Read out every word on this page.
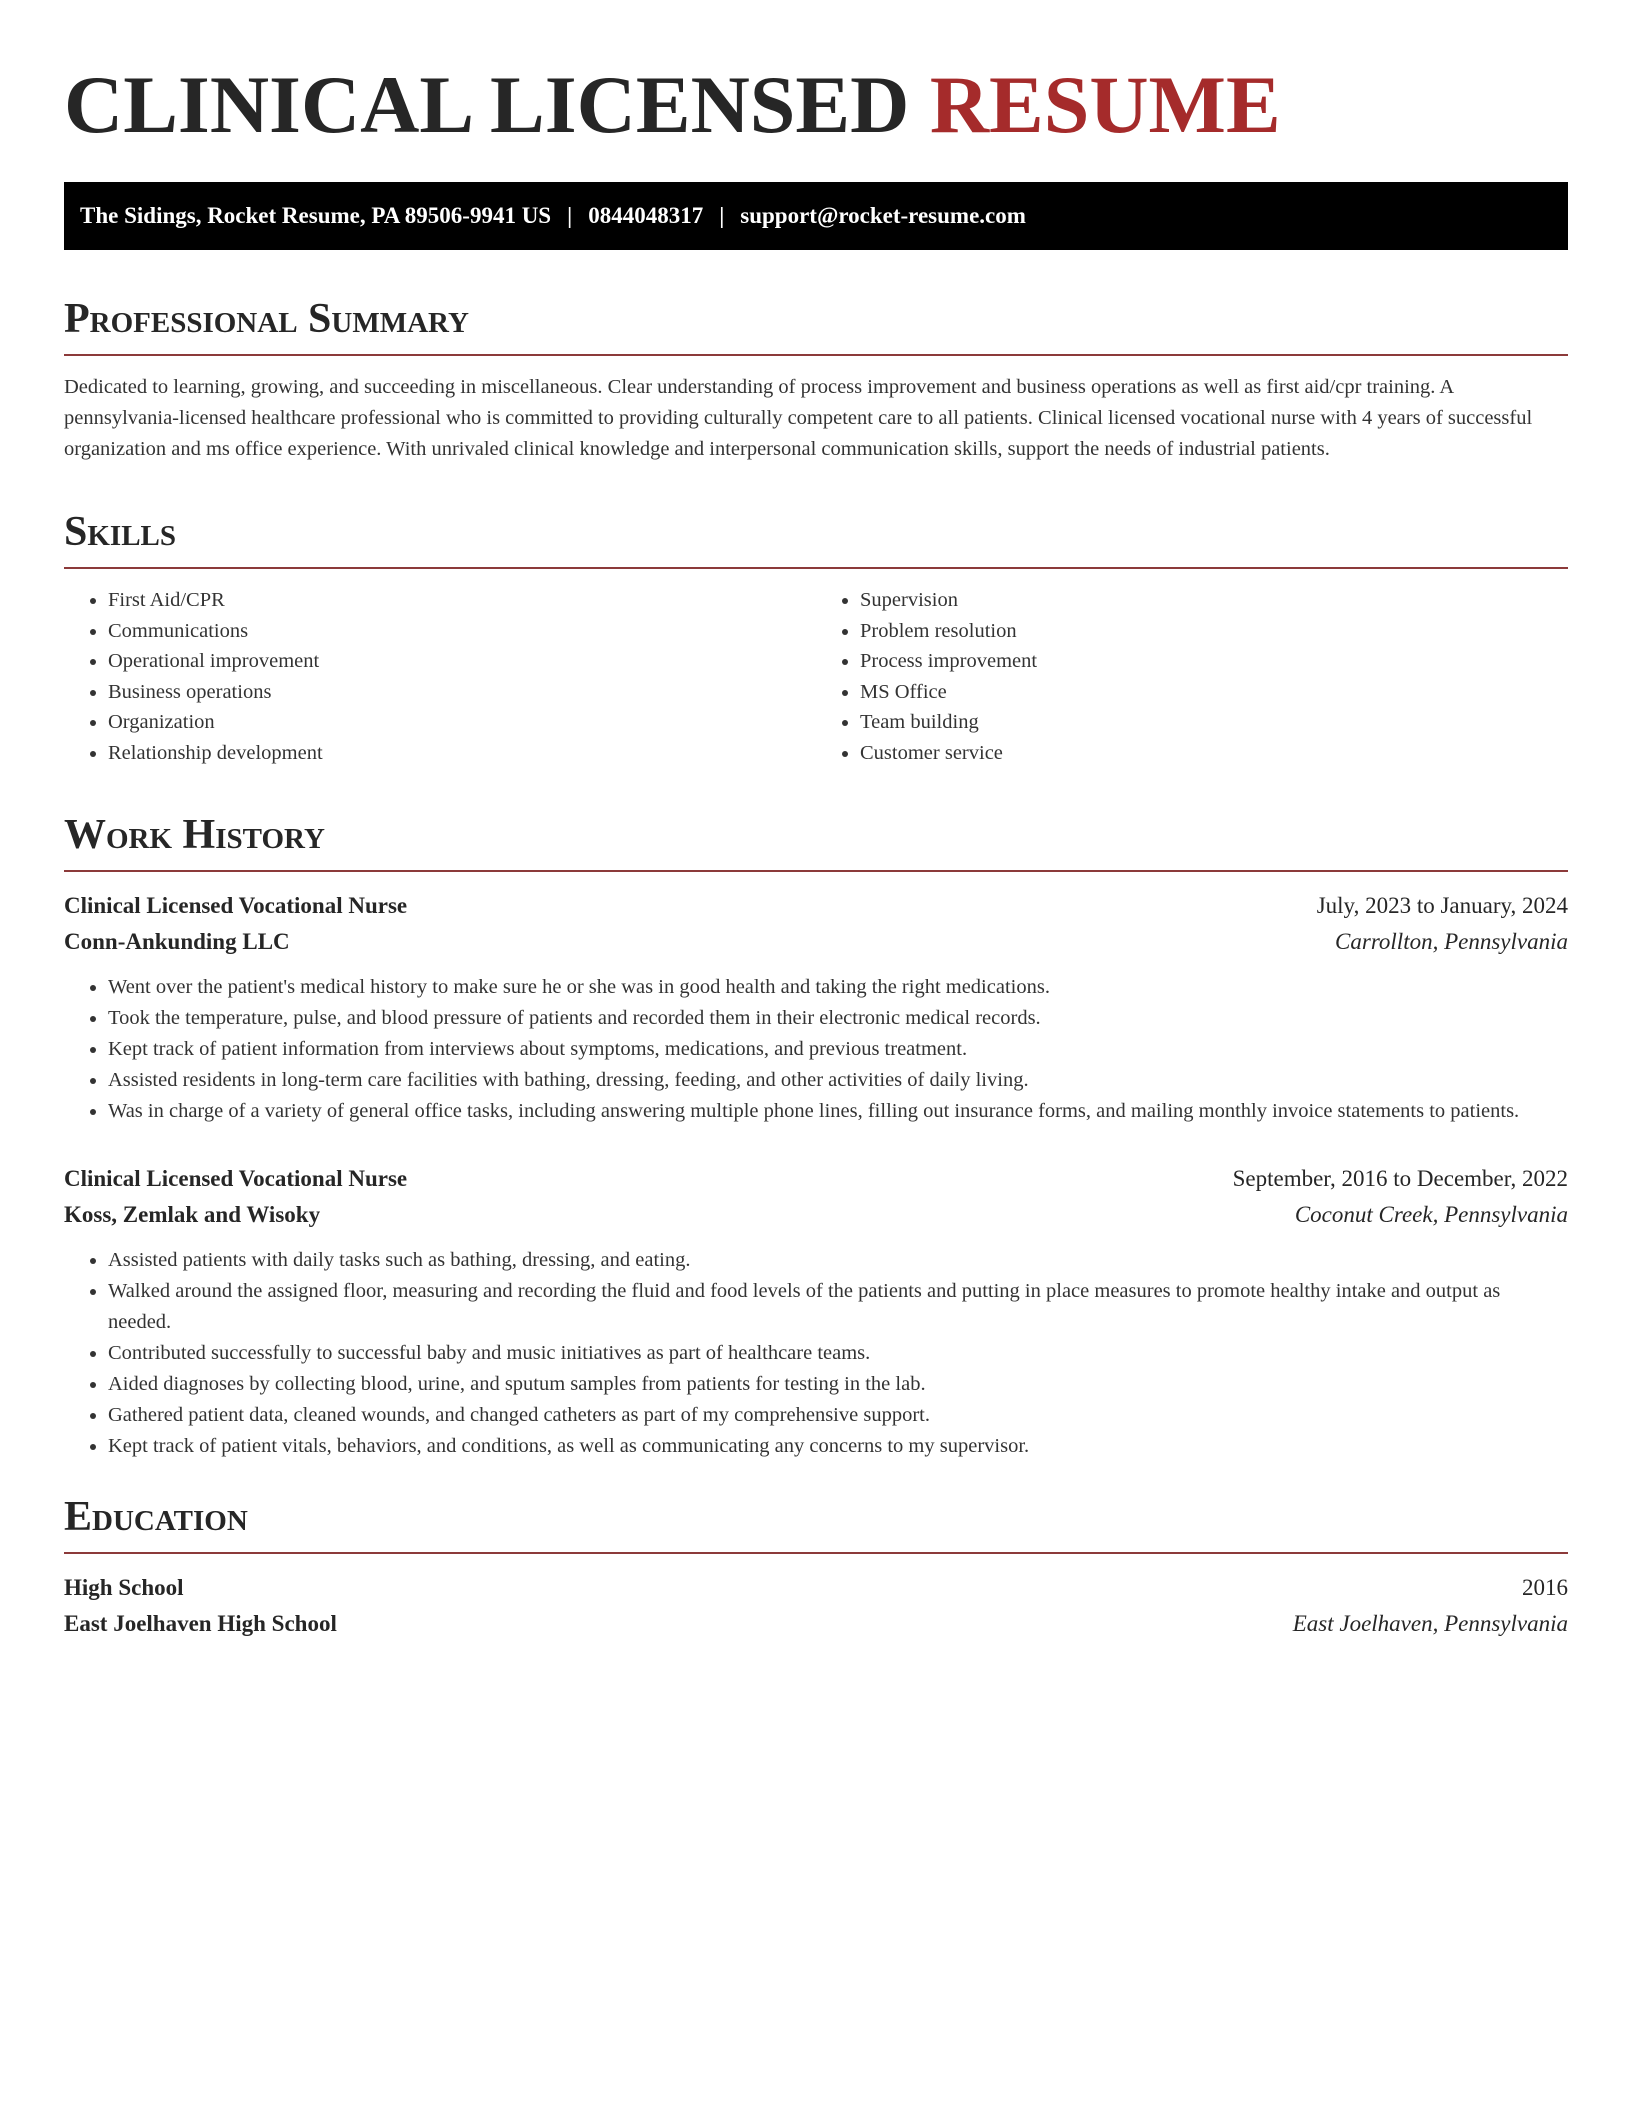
CLINICAL LICENSED RESUME
The Sidings, Rocket Resume, PA 89506-9941 US | 0844048317 | support@rocket-resume.com
Professional Summary

Dedicated to learning, growing, and succeeding in miscellaneous. Clear understanding of process improvement and business operations as well as first aid/cpr training. A pennsylvania-licensed healthcare professional who is committed to providing culturally competent care to all patients. Clinical licensed vocational nurse with 4 years of successful organization and ms office experience. With unrivaled clinical knowledge and interpersonal communication skills, support the needs of industrial patients.

Skills
• First Aid/CPR
• Communications
• Operational improvement
• Business operations
• Organization
• Relationship development
• Supervision
• Problem resolution
• Process improvement
• MS Office
• Team building
• Customer service
Work History
Clinical Licensed Vocational Nurse	July, 2023 to January, 2024
Conn-Ankunding LLC	Carrollton, Pennsylvania
• Went over the patient's medical history to make sure he or she was in good health and taking the right medications.
• Took the temperature, pulse, and blood pressure of patients and recorded them in their electronic medical records.
• Kept track of patient information from interviews about symptoms, medications, and previous treatment.
• Assisted residents in long-term care facilities with bathing, dressing, feeding, and other activities of daily living.
• Was in charge of a variety of general office tasks, including answering multiple phone lines, filling out insurance forms, and mailing monthly invoice statements to patients.
Clinical Licensed Vocational Nurse	September, 2016 to December, 2022
Koss, Zemlak and Wisoky	Coconut Creek, Pennsylvania
• Assisted patients with daily tasks such as bathing, dressing, and eating.
• Walked around the assigned floor, measuring and recording the fluid and food levels of the patients and putting in place measures to promote healthy intake and output as needed.
• Contributed successfully to successful baby and music initiatives as part of healthcare teams.
• Aided diagnoses by collecting blood, urine, and sputum samples from patients for testing in the lab.
• Gathered patient data, cleaned wounds, and changed catheters as part of my comprehensive support.
• Kept track of patient vitals, behaviors, and conditions, as well as communicating any concerns to my supervisor.
Education
High School	2016
East Joelhaven High School	East Joelhaven, Pennsylvania
